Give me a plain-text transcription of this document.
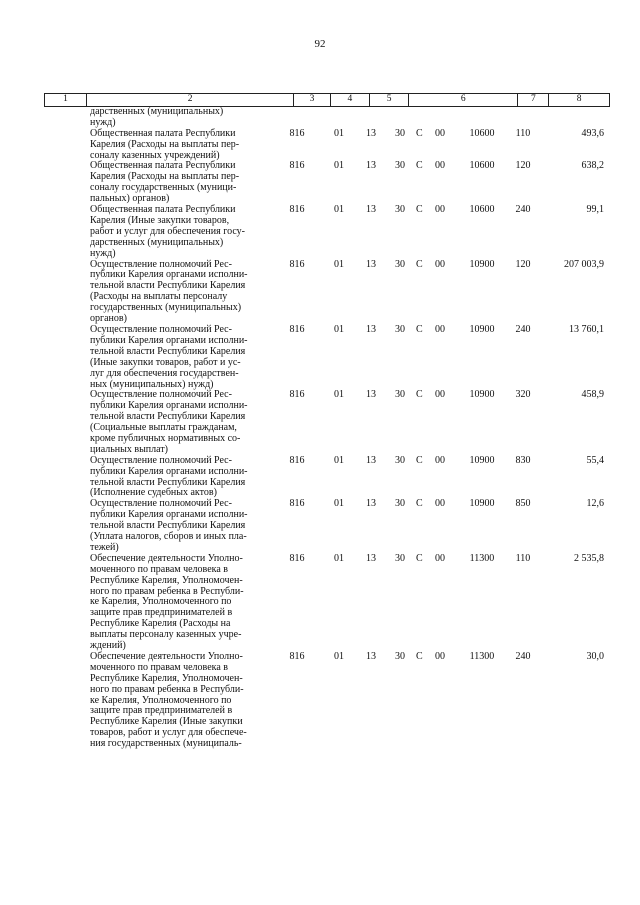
92
1	2	3	4	5	6	7	8
дарственных (муниципальных)
нужд)
Общественная палата Республики
Карелия (Расходы на выплаты пер-
соналу казенных учреждений)
816	01	13	30	С	00	10600	110	493,6
Общественная палата Республики
Карелия (Расходы на выплаты пер-
соналу государственных (муници-
пальных) органов)
816	01	13	30	С	00	10600	120	638,2
Общественная палата Республики
Карелия (Иные закупки товаров,
работ и услуг для обеспечения госу-
дарственных (муниципальных)
нужд)
816	01	13	30	С	00	10600	240	99,1
Осуществление полномочий Рес-
публики Карелия органами исполни-
тельной власти Республики Карелия
(Расходы на выплаты персоналу
государственных (муниципальных)
органов)
816	01	13	30	С	00	10900	120	207 003,9
Осуществление полномочий Рес-
публики Карелия органами исполни-
тельной власти Республики Карелия
(Иные закупки товаров, работ и ус-
луг для обеспечения государствен-
ных (муниципальных) нужд)
816	01	13	30	С	00	10900	240	13 760,1
Осуществление полномочий Рес-
публики Карелия органами исполни-
тельной власти Республики Карелия
(Социальные выплаты гражданам,
кроме публичных нормативных со-
циальных выплат)
816	01	13	30	С	00	10900	320	458,9
Осуществление полномочий Рес-
публики Карелия органами исполни-
тельной власти Республики Карелия
(Исполнение судебных актов)
816	01	13	30	С	00	10900	830	55,4
Осуществление полномочий Рес-
публики Карелия органами исполни-
тельной власти Республики Карелия
(Уплата налогов, сборов и иных пла-
тежей)
816	01	13	30	С	00	10900	850	12,6
Обеспечение деятельности Уполно-
моченного по правам человека в
Республике Карелия, Уполномочен-
ного по правам ребенка в Республи-
ке Карелия, Уполномоченного по
защите прав предпринимателей в
Республике Карелия (Расходы на
выплаты персоналу казенных учре-
ждений)
816	01	13	30	С	00	11300	110	2 535,8
Обеспечение деятельности Уполно-
моченного по правам человека в
Республике Карелия, Уполномочен-
ного по правам ребенка в Республи-
ке Карелия, Уполномоченного по
защите прав предпринимателей в
Республике Карелия (Иные закупки
товаров, работ и услуг для обеспече-
ния государственных (муниципаль-
816	01	13	30	С	00	11300	240	30,0
